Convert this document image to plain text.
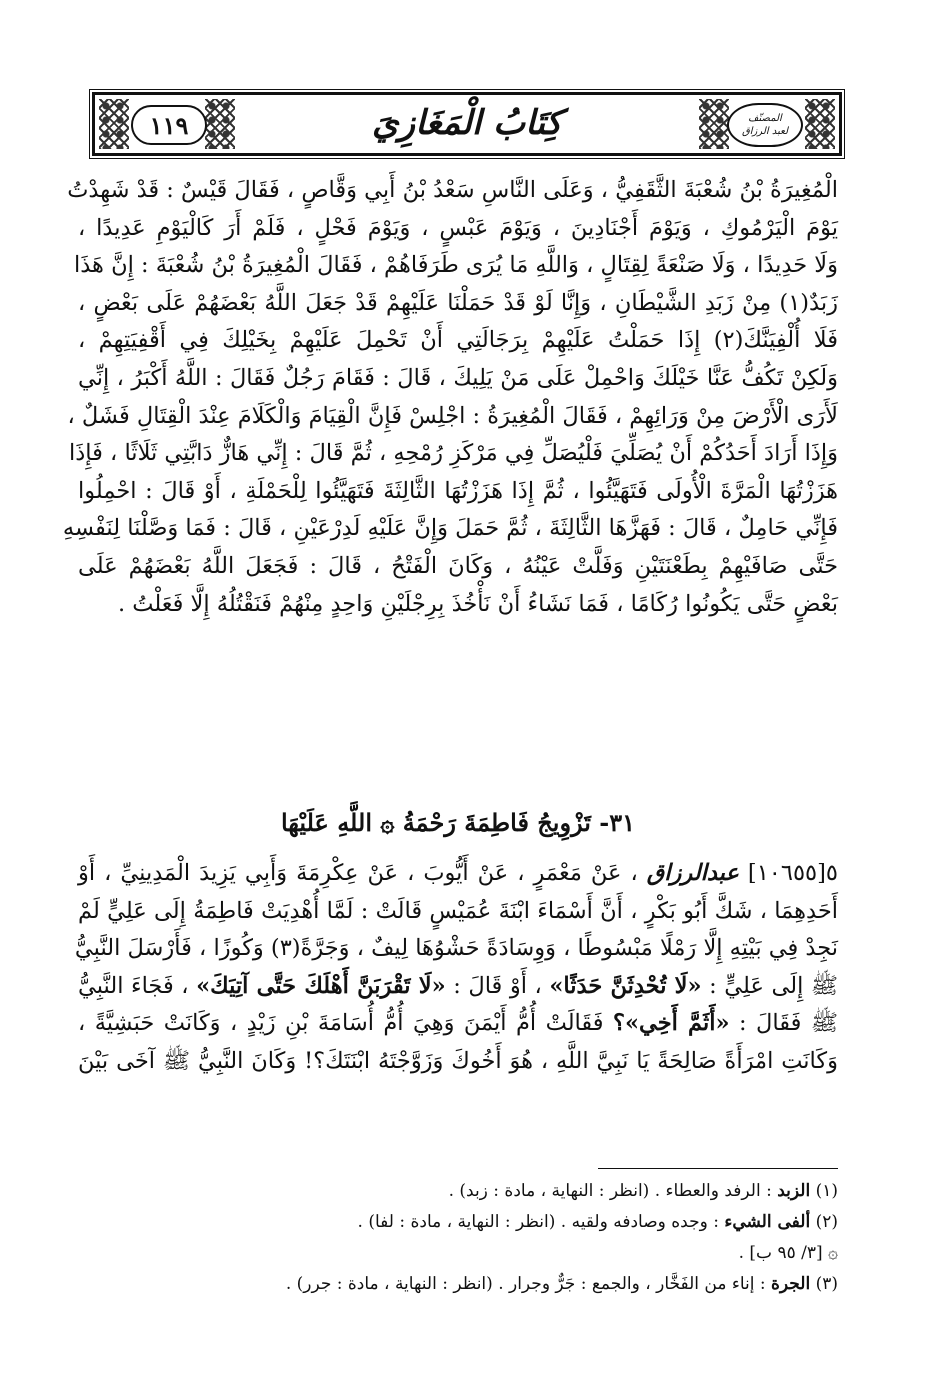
١١٩	كِتَابُ الْمَغَازِيَ	المصنّف
لعبد الرزاق
الْمُغِيرَةُ بْنُ شُعْبَةَ الثَّقَفِيُّ ، وَعَلَى النَّاسِ سَعْدُ بْنُ أَبِي وَقَّاصٍ ، فَقَالَ قَيْسٌ : قَدْ شَهِدْتُ
يَوْمَ الْيَرْمُوكِ ، وَيَوْمَ أَجْنَادِينَ ، وَيَوْمَ عَبْسٍ ، وَيَوْمَ فَحْلٍ ، فَلَمْ أَرَ كَالْيَوْمِ عَدِيدًا ،
وَلَا حَدِيدًا ، وَلَا صَنْعَةً لِقِتَالٍ ، وَاللَّهِ مَا يُرَى طَرَفَاهُمْ ، فَقَالَ الْمُغِيرَةُ بْنُ شُعْبَةَ : إِنَّ هَذَا
زَبَدٌ(١) مِنْ زَبَدِ الشَّيْطَانِ ، وَإِنَّا لَوْ قَدْ حَمَلْنَا عَلَيْهِمْ قَدْ جَعَلَ اللَّهُ بَعْضَهُمْ عَلَى بَعْضٍ ،
فَلَا أُلْفِيَنَّكَ(٢) إِذَا حَمَلْتُ عَلَيْهِمْ بِرَجَالَتِي أَنْ تَحْمِلَ عَلَيْهِمْ بِخَيْلِكَ فِي أَقْفِيَتِهِمْ ،
وَلَكِنْ تَكُفُّ عَنَّا خَيْلَكَ وَاحْمِلْ عَلَى مَنْ يَلِيكَ ، قَالَ : فَقَامَ رَجُلٌ فَقَالَ : اللَّهُ أَكْبَرُ ، إِنِّي
لَأَرَى الْأَرْضَ مِنْ وَرَائِهِمْ ، فَقَالَ الْمُغِيرَةُ : اجْلِسْ فَإِنَّ الْقِيَامَ وَالْكَلَامَ عِنْدَ الْقِتَالِ فَشَلٌ ،
وَإِذَا أَرَادَ أَحَدُكُمْ أَنْ يُصَلِّيَ فَلْيُصَلِّ فِي مَرْكَزِ رُمْحِهِ ، ثُمَّ قَالَ : إِنِّي هَازٌّ دَابَّتِي ثَلَاثًا ، فَإِذَا
هَزَزْتُهَا الْمَرَّةَ الْأُولَى فَتَهَيَّئُوا ، ثُمَّ إِذَا هَزَزْتُهَا الثَّالِثَةَ فَتَهَيَّئُوا لِلْحَمْلَةِ ، أَوْ قَالَ : احْمِلُوا
فَإِنِّي حَامِلٌ ، قَالَ : فَهَزَّهَا الثَّالِثَةَ ، ثُمَّ حَمَلَ وَإِنَّ عَلَيْهِ لَدِرْعَيْنِ ، قَالَ : فَمَا وَصَّلْنَا لِنَفْسِهِ
حَتَّى صَافَيْهِمْ بِطَعْنَتَيْنِ وَفَلَّتْ عَيْنُهُ ، وَكَانَ الْفَتْحُ ، قَالَ : فَجَعَلَ اللَّهُ بَعْضَهُمْ عَلَى
بَعْضٍ حَتَّى يَكُونُوا رُكَامًا ، فَمَا نَشَاءُ أَنْ نَأْخُذَ بِرِجْلَيْنِ وَاحِدٍ مِنْهُمْ فَنَقْتُلُهُ إِلَّا فَعَلْتُ .
٣١- تَزْوِيجُ فَاطِمَةَ رَحْمَةُ ۞ اللَّهِ عَلَيْهَا
٥[١٠٦٥٥] عبدالرزاق ، عَنْ مَعْمَرٍ ، عَنْ أَيُّوبَ ، عَنْ عِكْرِمَةَ وَأَبِي يَزِيدَ الْمَدِينِيِّ ، أَوْ
أَحَدِهِمَا ، شَكَّ أَبُو بَكْرٍ ، أَنَّ أَسْمَاءَ ابْنَةَ عُمَيْسٍ قَالَتْ : لَمَّا أُهْدِيَتْ فَاطِمَةُ إِلَى عَلِيٍّ لَمْ
نَجِدْ فِي بَيْتِهِ إِلَّا رَمْلًا مَبْسُوطًا ، وَوِسَادَةً حَشْوُهَا لِيفٌ ، وَجَرَّةً(٣) وَكُوزًا ، فَأَرْسَلَ النَّبِيُّ
ﷺ إِلَى عَلِيٍّ : «لَا تُحْدِثَنَّ حَدَثًا» ، أَوْ قَالَ : «لَا تَقْرَبَنَّ أَهْلَكَ حَتَّى آتِيَكَ» ، فَجَاءَ النَّبِيُّ
ﷺ فَقَالَ : «أَثَمَّ أَخِي»؟ فَقَالَتْ أُمُّ أَيْمَنَ وَهِيَ أُمُّ أُسَامَةَ بْنِ زَيْدٍ ، وَكَانَتْ حَبَشِيَّةً ،
وَكَانَتِ امْرَأَةً صَالِحَةً يَا نَبِيَّ اللَّهِ ، هُوَ أَخُوكَ وَزَوَّجْتَهُ ابْنَتَكَ؟! وَكَانَ النَّبِيُّ ﷺ آخَى بَيْنَ
(١) الزبد : الرفد والعطاء . (انظر : النهاية ، مادة : زبد) .
(٢) ألفى الشيء : وجده وصادفه ولقيه . (انظر : النهاية ، مادة : لفا) .
۞ [٣/ ٩٥ ب] .
(٣) الجرة : إناء من الفَخَّار ، والجمع : جَرٌّ وجرار . (انظر : النهاية ، مادة : جرر) .
